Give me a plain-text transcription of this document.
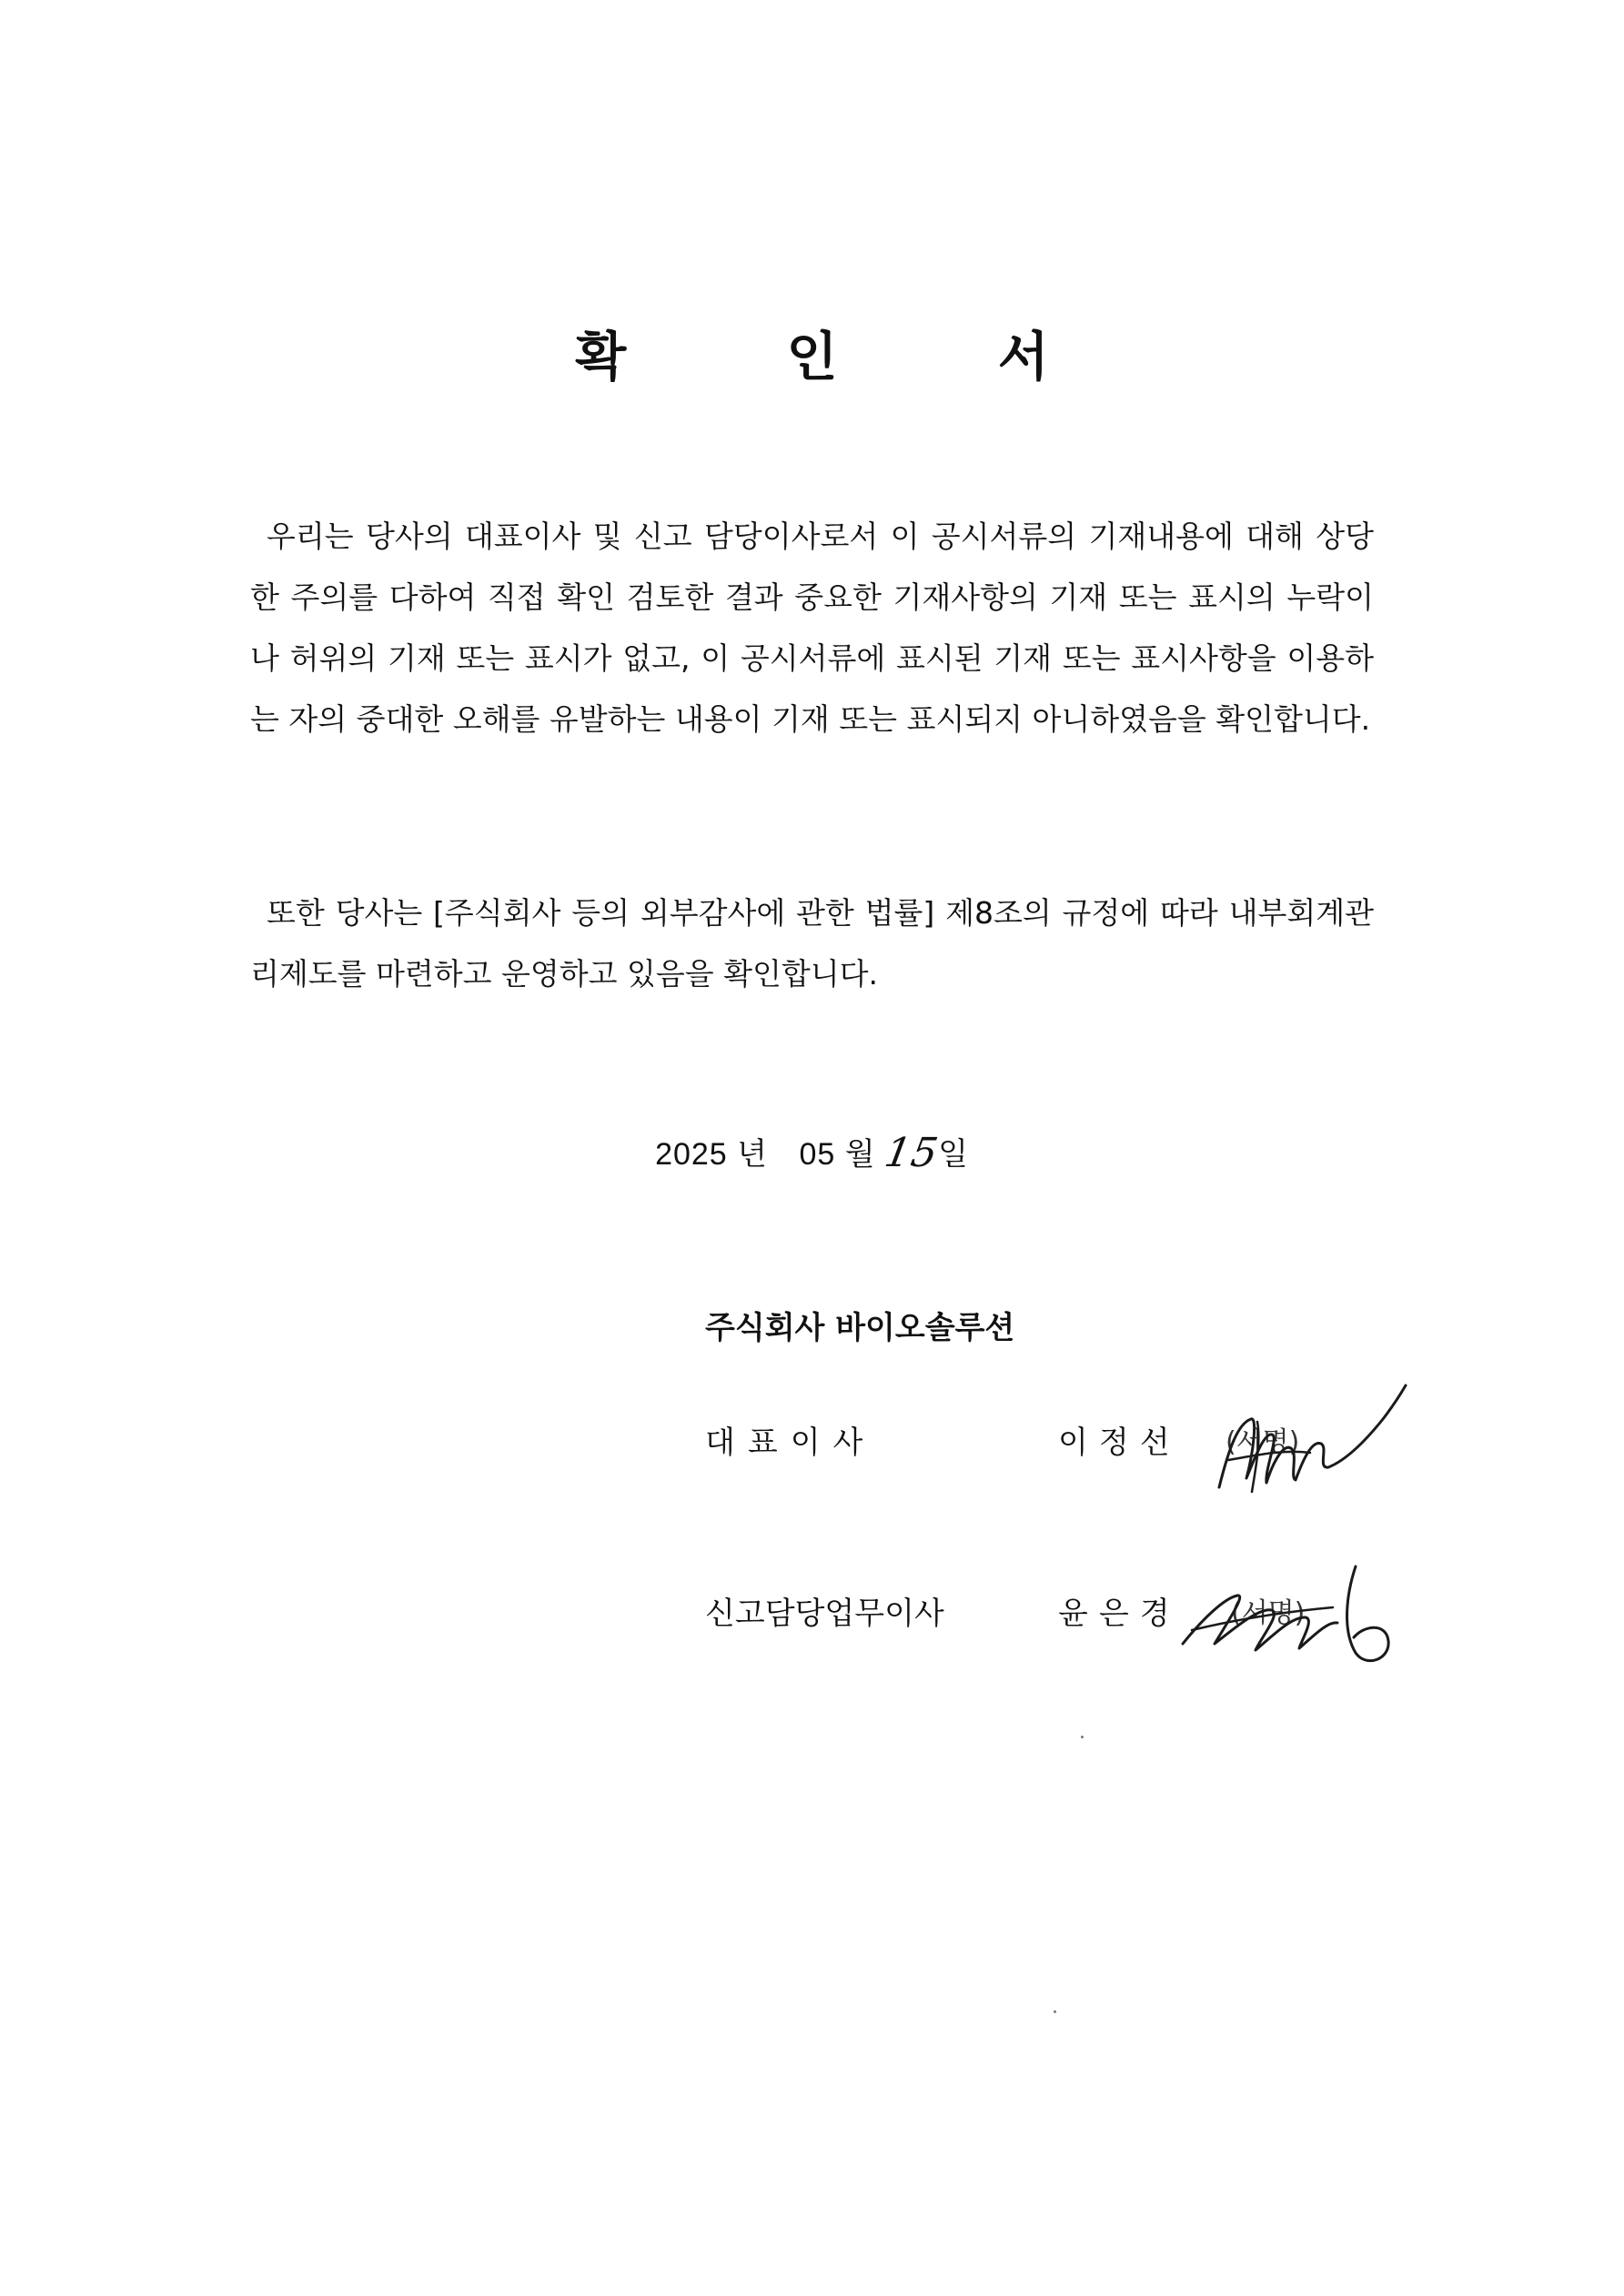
확 인 서

우리는 당사의 대표이사 및 신고 담당이사로서 이 공시서류의 기재내용에 대해 상당한 주의를 다하여 직접 확인 검토한 결과 중요한 기재사항의 기재 또는 표시의 누락이나 허위의 기재 또는 표시가 없고, 이 공시서류에 표시된 기재 또는 표시사항을 이용하는 자의 중대한 오해를 유발하는 내용이 기재 또는 표시되지 아니하였음을 확인합니다.

또한 당사는 [주식회사 등의 외부감사에 관한 법률] 제8조의 규정에 따라 내부회계관리제도를 마련하고 운영하고 있음을 확인합니다.

2025 년 05 월 15일
주식회사 바이오솔루션
대표이사	이정선 (서명)
신고담당업무이사	윤은경 (서명)
